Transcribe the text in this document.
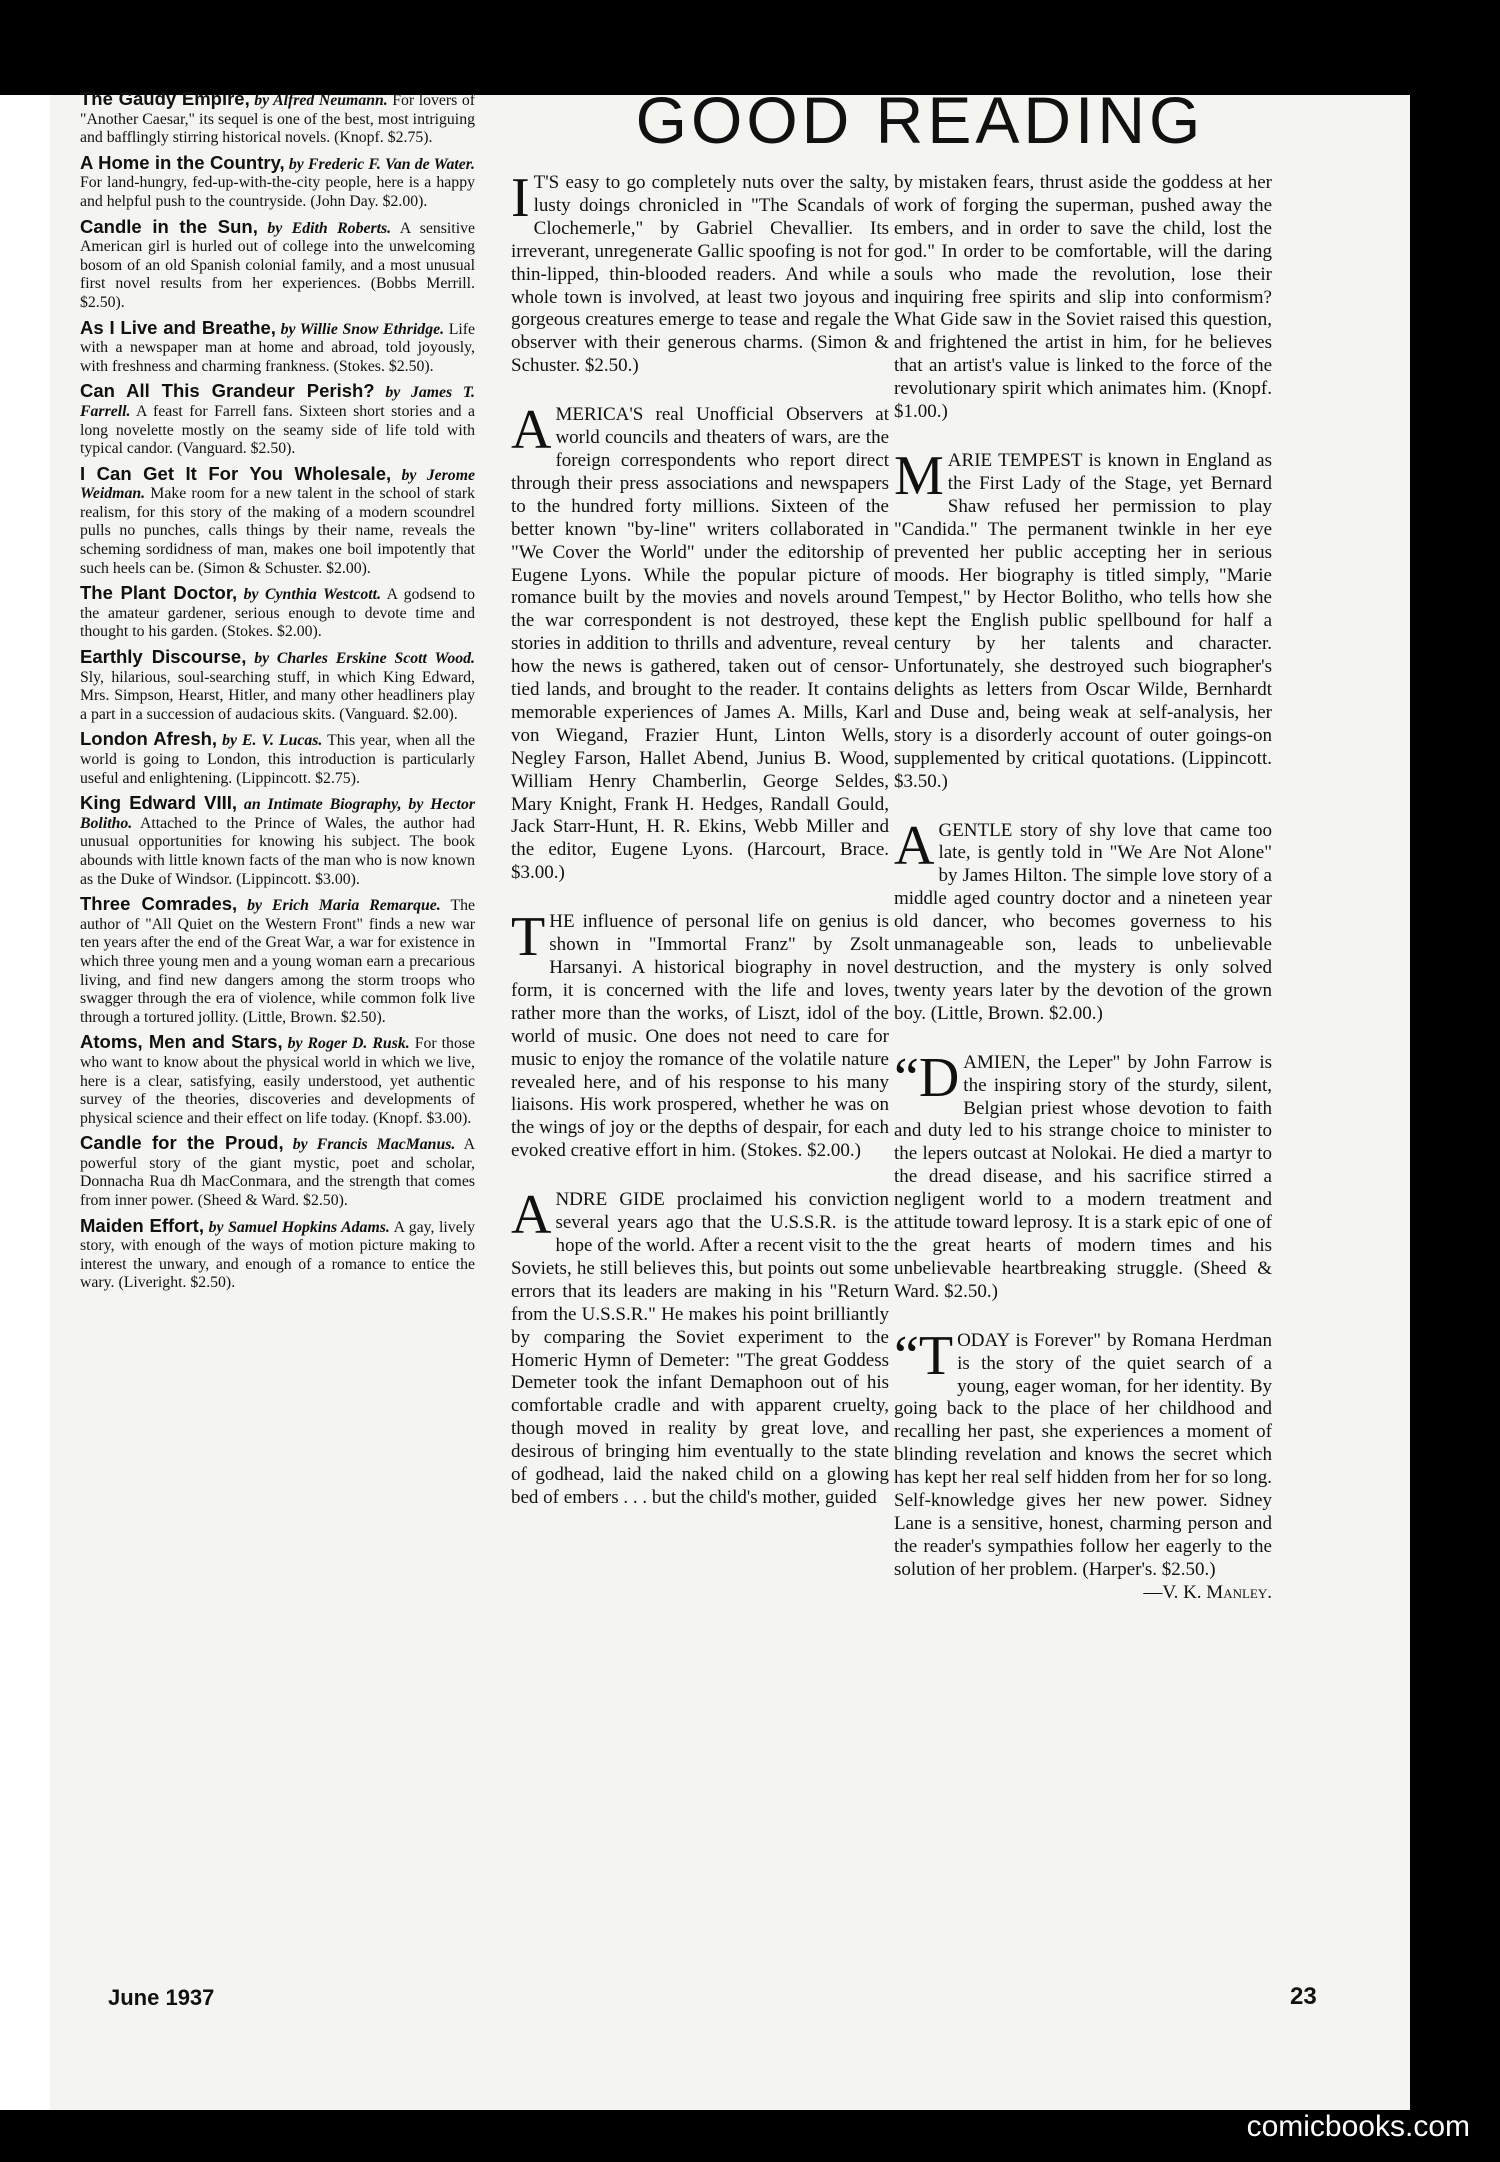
GOOD READING

The Gaudy Empire, by Alfred Neumann. For lovers of "Another Caesar," its sequel is one of the best, most intriguing and bafflingly stirring historical novels. (Knopf. $2.75).

A Home in the Country, by Frederic F. Van de Water. For land-hungry, fed-up-with-the-city people, here is a happy and helpful push to the countryside. (John Day. $2.00).

Candle in the Sun, by Edith Roberts. A sensitive American girl is hurled out of college into the unwelcoming bosom of an old Spanish colonial family, and a most unusual first novel results from her experiences. (Bobbs Merrill. $2.50).

As I Live and Breathe, by Willie Snow Ethridge. Life with a newspaper man at home and abroad, told joyously, with freshness and charming frankness. (Stokes. $2.50).

Can All This Grandeur Perish? by James T. Farrell. A feast for Farrell fans. Sixteen short stories and a long novelette mostly on the seamy side of life told with typical candor. (Vanguard. $2.50).

I Can Get It For You Wholesale, by Jerome Weidman. Make room for a new talent in the school of stark realism, for this story of the making of a modern scoundrel pulls no punches, calls things by their name, reveals the scheming sordidness of man, makes one boil impotently that such heels can be. (Simon & Schuster. $2.00).

The Plant Doctor, by Cynthia Westcott. A godsend to the amateur gardener, serious enough to devote time and thought to his garden. (Stokes. $2.00).

Earthly Discourse, by Charles Erskine Scott Wood. Sly, hilarious, soul-searching stuff, in which King Edward, Mrs. Simpson, Hearst, Hitler, and many other headliners play a part in a succession of audacious skits. (Vanguard. $2.00).

London Afresh, by E. V. Lucas. This year, when all the world is going to London, this introduction is particularly useful and enlightening. (Lippincott. $2.75).

King Edward VIII, an Intimate Biography, by Hector Bolitho. Attached to the Prince of Wales, the author had unusual opportunities for knowing his subject. The book abounds with little known facts of the man who is now known as the Duke of Windsor. (Lippincott. $3.00).

Three Comrades, by Erich Maria Remarque. The author of "All Quiet on the Western Front" finds a new war ten years after the end of the Great War, a war for existence in which three young men and a young woman earn a precarious living, and find new dangers among the storm troops who swagger through the era of violence, while common folk live through a tortured jollity. (Little, Brown. $2.50).

Atoms, Men and Stars, by Roger D. Rusk. For those who want to know about the physical world in which we live, here is a clear, satisfying, easily understood, yet authentic survey of the theories, discoveries and developments of physical science and their effect on life today. (Knopf. $3.00).

Candle for the Proud, by Francis MacManus. A powerful story of the giant mystic, poet and scholar, Donnacha Rua dh MacConmara, and the strength that comes from inner power. (Sheed & Ward. $2.50).

Maiden Effort, by Samuel Hopkins Adams. A gay, lively story, with enough of the ways of motion picture making to interest the unwary, and enough of a romance to entice the wary. (Liveright. $2.50).

I T'S easy to go completely nuts over the salty, lusty doings chronicled in "The Scandals of Clochemerle," by Gabriel Chevallier. Its irreverant, unregenerate Gallic spoofing is not for thin-lipped, thin-blooded readers. And while a whole town is involved, at least two joyous and gorgeous creatures emerge to tease and regale the observer with their generous charms. (Simon & Schuster. $2.50.)

AMERICA'S real Unofficial Observers at world councils and theaters of wars, are the foreign correspondents who report direct through their press associations and newspapers to the hundred forty millions. Sixteen of the better known "by-line" writers collaborated in "We Cover the World" under the editorship of Eugene Lyons. While the popular picture of romance built by the movies and novels around the war correspondent is not destroyed, these stories in addition to thrills and adventure, reveal how the news is gathered, taken out of censor-tied lands, and brought to the reader. It contains memorable experiences of James A. Mills, Karl von Wiegand, Frazier Hunt, Linton Wells, Negley Farson, Hallet Abend, Junius B. Wood, William Henry Chamberlin, George Seldes, Mary Knight, Frank H. Hedges, Randall Gould, Jack Starr-Hunt, H. R. Ekins, Webb Miller and the editor, Eugene Lyons. (Harcourt, Brace. $3.00.)

THE influence of personal life on genius is shown in "Immortal Franz" by Zsolt Harsanyi. A historical biography in novel form, it is concerned with the life and loves, rather more than the works, of Liszt, idol of the world of music. One does not need to care for music to enjoy the romance of the volatile nature revealed here, and of his response to his many liaisons. His work prospered, whether he was on the wings of joy or the depths of despair, for each evoked creative effort in him. (Stokes. $2.00.)

ANDRE GIDE proclaimed his conviction several years ago that the U.S.S.R. is the hope of the world. After a recent visit to the Soviets, he still believes this, but points out some errors that its leaders are making in his "Return from the U.S.S.R." He makes his point brilliantly by comparing the Soviet experiment to the Homeric Hymn of Demeter: "The great Goddess Demeter took the infant Demaphoon out of his comfortable cradle and with apparent cruelty, though moved in reality by great love, and desirous of bringing him eventually to the state of godhead, laid the naked child on a glowing bed of embers . . . but the child's mother, guided

by mistaken fears, thrust aside the goddess at her work of forging the superman, pushed away the embers, and in order to save the child, lost the god." In order to be comfortable, will the daring souls who made the revolution, lose their inquiring free spirits and slip into conformism? What Gide saw in the Soviet raised this question, and frightened the artist in him, for he believes that an artist's value is linked to the force of the revolutionary spirit which animates him. (Knopf. $1.00.)

MARIE TEMPEST is known in England as the First Lady of the Stage, yet Bernard Shaw refused her permission to play "Candida." The permanent twinkle in her eye prevented her public accepting her in serious moods. Her biography is titled simply, "Marie Tempest," by Hector Bolitho, who tells how she kept the English public spellbound for half a century by her talents and character. Unfortunately, she destroyed such biographer's delights as letters from Oscar Wilde, Bernhardt and Duse and, being weak at self-analysis, her story is a disorderly account of outer goings-on supplemented by critical quotations. (Lippincott. $3.50.)

AGENTLE story of shy love that came too late, is gently told in "We Are Not Alone" by James Hilton. The simple love story of a middle aged country doctor and a nineteen year old dancer, who becomes governess to his unmanageable son, leads to unbelievable destruction, and the mystery is only solved twenty years later by the devotion of the grown boy. (Little, Brown. $2.00.)

“DAMIEN, the Leper" by John Farrow is the inspiring story of the sturdy, silent, Belgian priest whose devotion to faith and duty led to his strange choice to minister to the lepers outcast at Nolokai. He died a martyr to the dread disease, and his sacrifice stirred a negligent world to a modern treatment and attitude toward leprosy. It is a stark epic of one of the great hearts of modern times and his unbelievable heartbreaking struggle. (Sheed & Ward. $2.50.)

“TODAY is Forever" by Romana Herdman is the story of the quiet search of a young, eager woman, for her identity. By going back to the place of her childhood and recalling her past, she experiences a moment of blinding revelation and knows the secret which has kept her real self hidden from her for so long. Self-knowledge gives her new power. Sidney Lane is a sensitive, honest, charming person and the reader's sympathies follow her eagerly to the solution of her problem. (Harper's. $2.50.)
—V. K. Manley.

June 1937	23
comicbooks.com
